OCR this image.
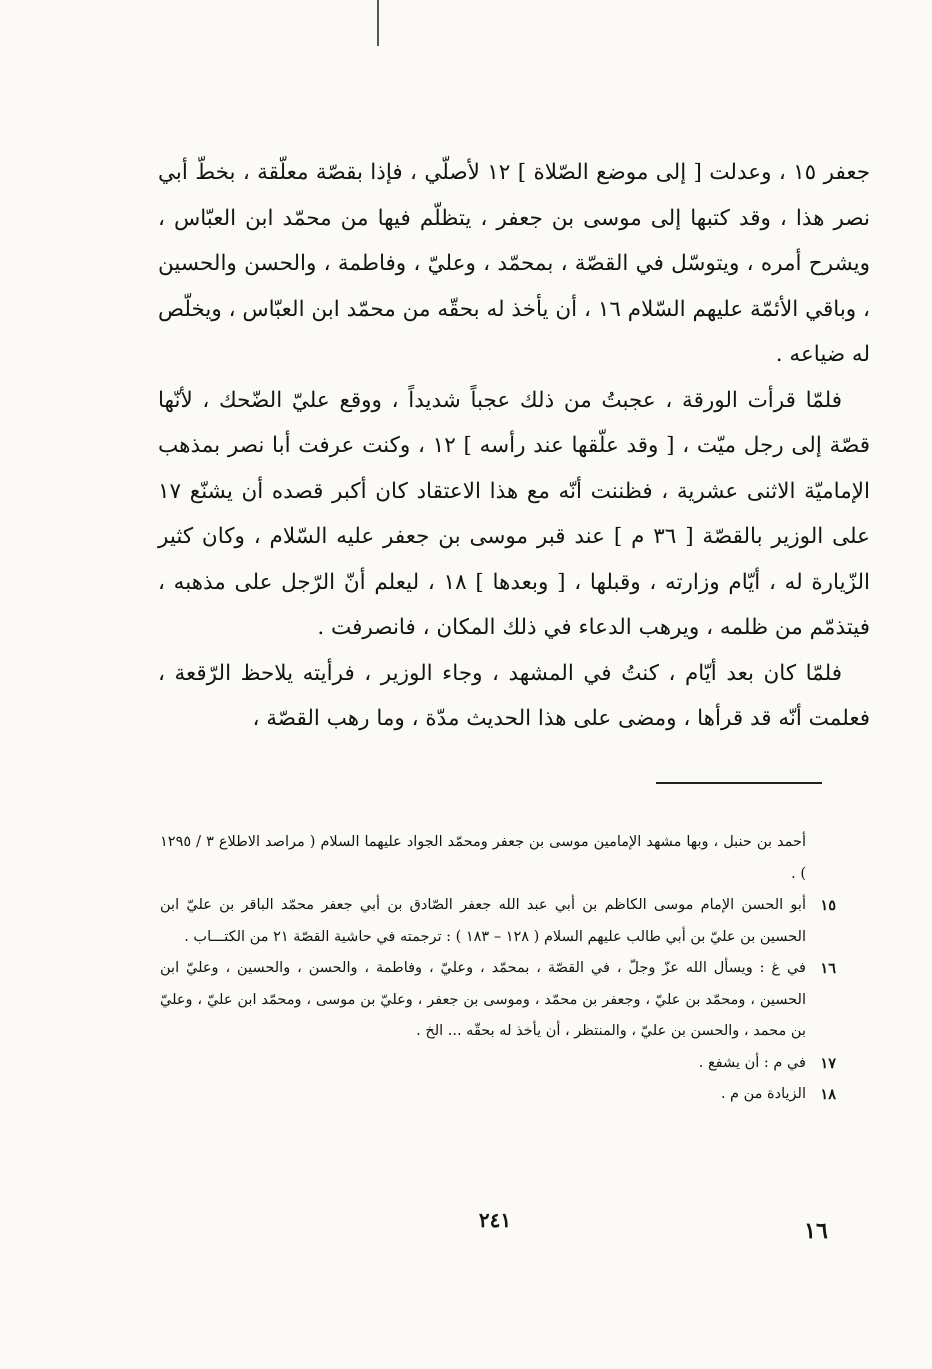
جعفر ١٥ ، وعدلت [ إلى موضع الصّلاة ] ١٢ لأصلّي ، فإذا بقصّة معلّقة ، بخطّ أبي نصر هذا ، وقد كتبها إلى موسى بن جعفر ، يتظلّم فيها من محمّد ابن العبّاس ، ويشرح أمره ، ويتوسّل في القصّة ، بمحمّد ، وعليّ ، وفاطمة ، والحسن والحسين ، وباقي الأئمّة عليهم السّلام ١٦ ، أن يأخذ له بحقّه من محمّد ابن العبّاس ، ويخلّص له ضياعه .

فلمّا قرأت الورقة ، عجبتُ من ذلك عجباً شديداً ، ووقع عليّ الضّحك ، لأنّها قصّة إلى رجل ميّت ، [ وقد علّقها عند رأسه ] ١٢ ، وكنت عرفت أبا نصر بمذهب الإماميّة الاثنى عشرية ، فظننت أنّه مع هذا الاعتقاد كان أكبر قصده أن يشنّع ١٧ على الوزير بالقصّة [ ٣٦ م ] عند قبر موسى بن جعفر عليه السّلام ، وكان كثير الزّيارة له ، أيّام وزارته ، وقبلها ، [ وبعدها ] ١٨ ، ليعلم أنّ الرّجل على مذهبه ، فيتذمّم من ظلمه ، ويرهب الدعاء في ذلك المكان ، فانصرفت .

فلمّا كان بعد أيّام ، كنتُ في المشهد ، وجاء الوزير ، فرأيته يلاحظ الرّقعة ، فعلمت أنّه قد قرأها ، ومضى على هذا الحديث مدّة ، وما رهب القصّة ،

أحمد بن حنبل ، وبها مشهد الإمامين موسى بن جعفر ومحمّد الجواد عليهما السلام ( مراصد الاطلاع ٣ / ١٢٩٥ ) .
١٥
أبو الحسن الإمام موسى الكاظم بن أبي عبد الله جعفر الصّادق بن أبي جعفر محمّد الباقر بن عليّ ابن الحسين بن عليّ بن أبي طالب عليهم السلام ( ١٢٨ – ١٨٣ ) : ترجمته في حاشية القصّة ٢١ من الكتـــاب .
١٦
في غ : ويسأل الله عزّ وجلّ ، في القصّة ، بمحمّد ، وعليّ ، وفاطمة ، والحسن ، والحسين ، وعليّ ابن الحسين ، ومحمّد بن عليّ ، وجعفر بن محمّد ، وموسى بن جعفر ، وعليّ بن موسى ، ومحمّد ابن عليّ ، وعليّ بن محمد ، والحسن بن عليّ ، والمنتظر ، أن يأخذ له بحقّه ... الخ .
١٧
في م : أن يشفع .
١٨
الزيادة من م .
٢٤١	١٦
